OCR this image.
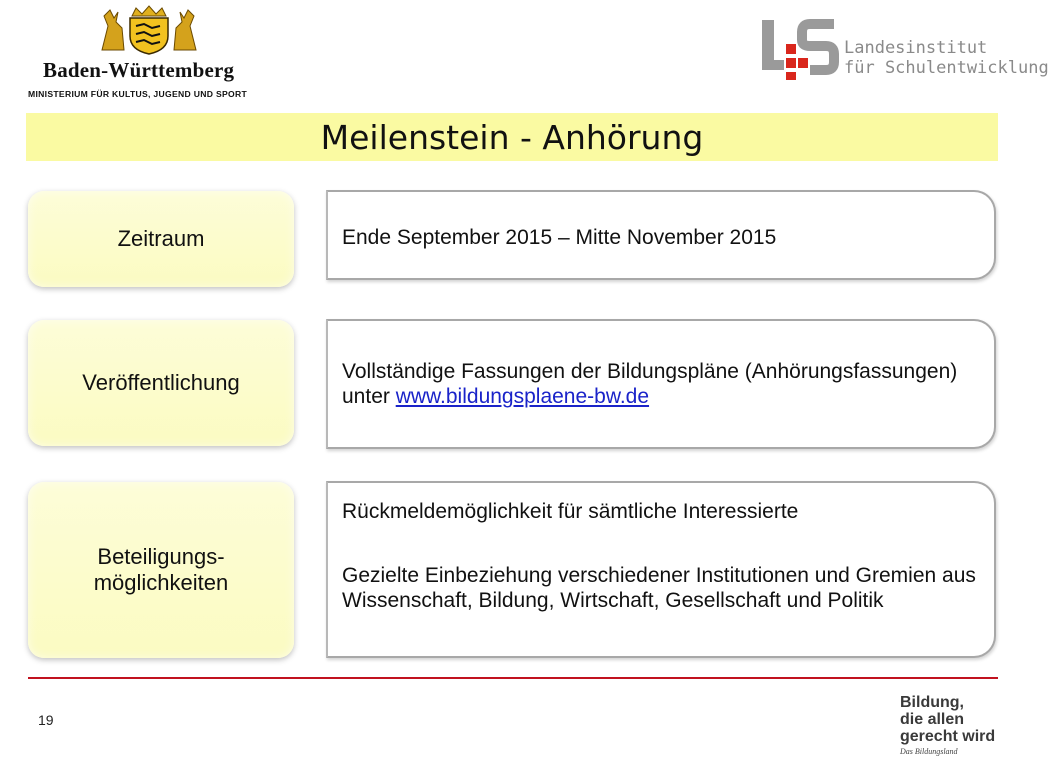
Baden-Württemberg
MINISTERIUM FÜR KULTUS, JUGEND UND SPORT
Landesinstitut
für Schulentwicklung
Meilenstein - Anhörung
Zeitraum	Ende September 2015 – Mitte November 2015
Veröffentlichung	Vollständige Fassungen der Bildungspläne (Anhörungsfassungen) unter www.bildungsplaene-bw.de
Beteiligungs-
möglichkeiten
Rückmeldemöglichkeit für sämtliche Interessierte
Gezielte Einbeziehung verschiedener Institutionen und Gremien aus Wissenschaft, Bildung, Wirtschaft, Gesellschaft und Politik
19
Bildung,
die allen
gerecht wird
Das Bildungsland
